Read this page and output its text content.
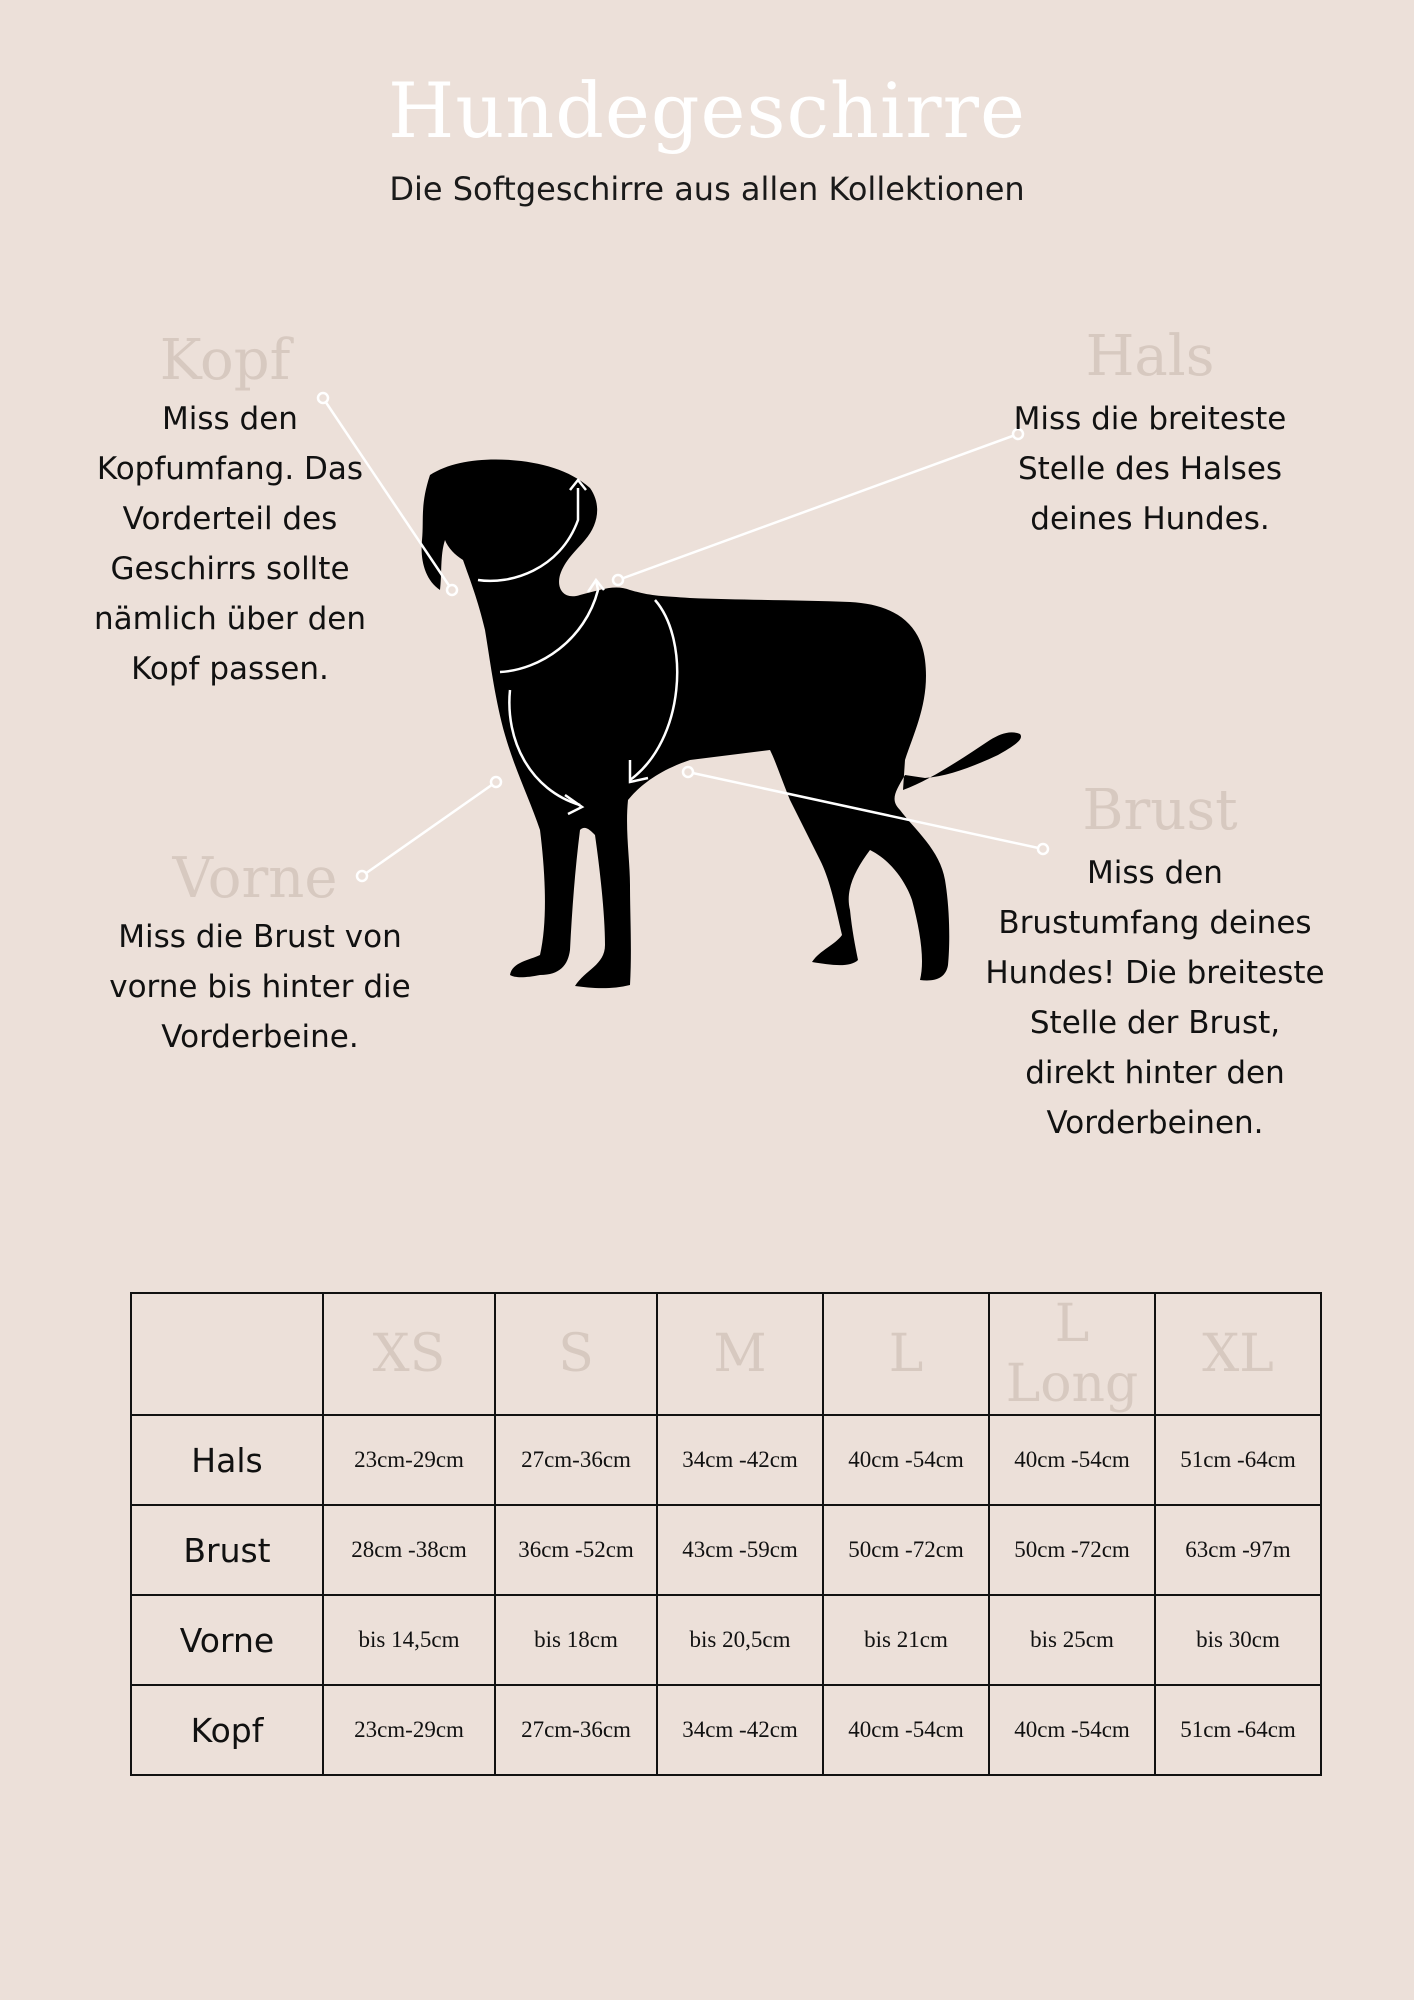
Hundegeschirre
Die Softgeschirre aus allen Kollektionen
Kopf
Miss den
Kopfumfang. Das
Vorderteil des
Geschirrs sollte
nämlich über den
Kopf passen.
Hals
Miss die breiteste
Stelle des Halses
deines Hundes.
Vorne
Miss die Brust von
vorne bis hinter die
Vorderbeine.
Brust
Miss den
Brustumfang deines
Hundes! Die breiteste
Stelle der Brust,
direkt hinter den
Vorderbeinen.
	XS	S	M	L	L Long	XL
Hals	23cm-29cm	27cm-36cm	34cm -42cm	40cm -54cm	40cm -54cm	51cm -64cm
Brust	28cm -38cm	36cm -52cm	43cm -59cm	50cm -72cm	50cm -72cm	63cm -97m
Vorne	bis 14,5cm	bis 18cm	bis 20,5cm	bis 21cm	bis 25cm	bis 30cm
Kopf	23cm-29cm	27cm-36cm	34cm -42cm	40cm -54cm	40cm -54cm	51cm -64cm
